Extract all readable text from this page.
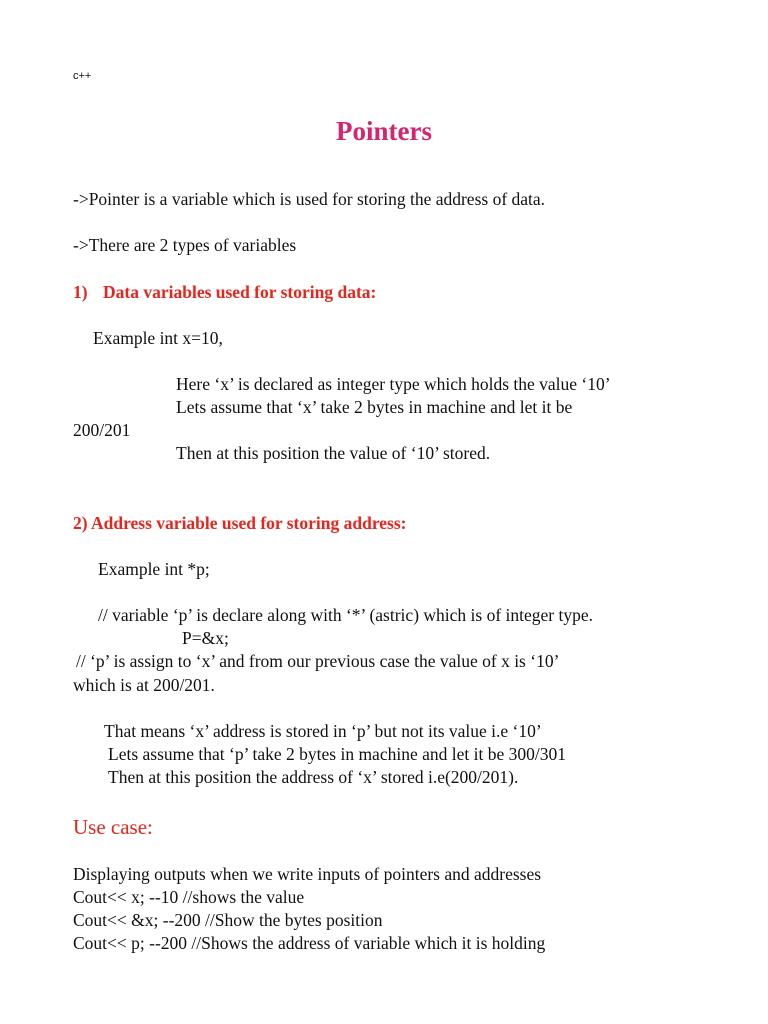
c++
Pointers
->Pointer is a variable which is used for storing the address of data.
->There are 2 types of variables
1) Data variables used for storing data:
Example int x=10,
Here ‘x’ is declared as integer type which holds the value ‘10’
Lets assume that ‘x’ take 2 bytes in machine and let it be
200/201
Then at this position the value of ‘10’ stored.
2) Address variable used for storing address:
Example int *p;
// variable ‘p’ is declare along with ‘*’ (astric) which is of integer type.
P=&x;
// ‘p’ is assign to ‘x’ and from our previous case the value of x is ‘10’
which is at 200/201.
That means ‘x’ address is stored in ‘p’ but not its value i.e ‘10’
Lets assume that ‘p’ take 2 bytes in machine and let it be 300/301
Then at this position the address of ‘x’ stored i.e(200/201).
Use case:
Displaying outputs when we write inputs of pointers and addresses
Cout<< x; --10 //shows the value
Cout<< &x; --200 //Show the bytes position
Cout<< p; --200 //Shows the address of variable which it is holding
